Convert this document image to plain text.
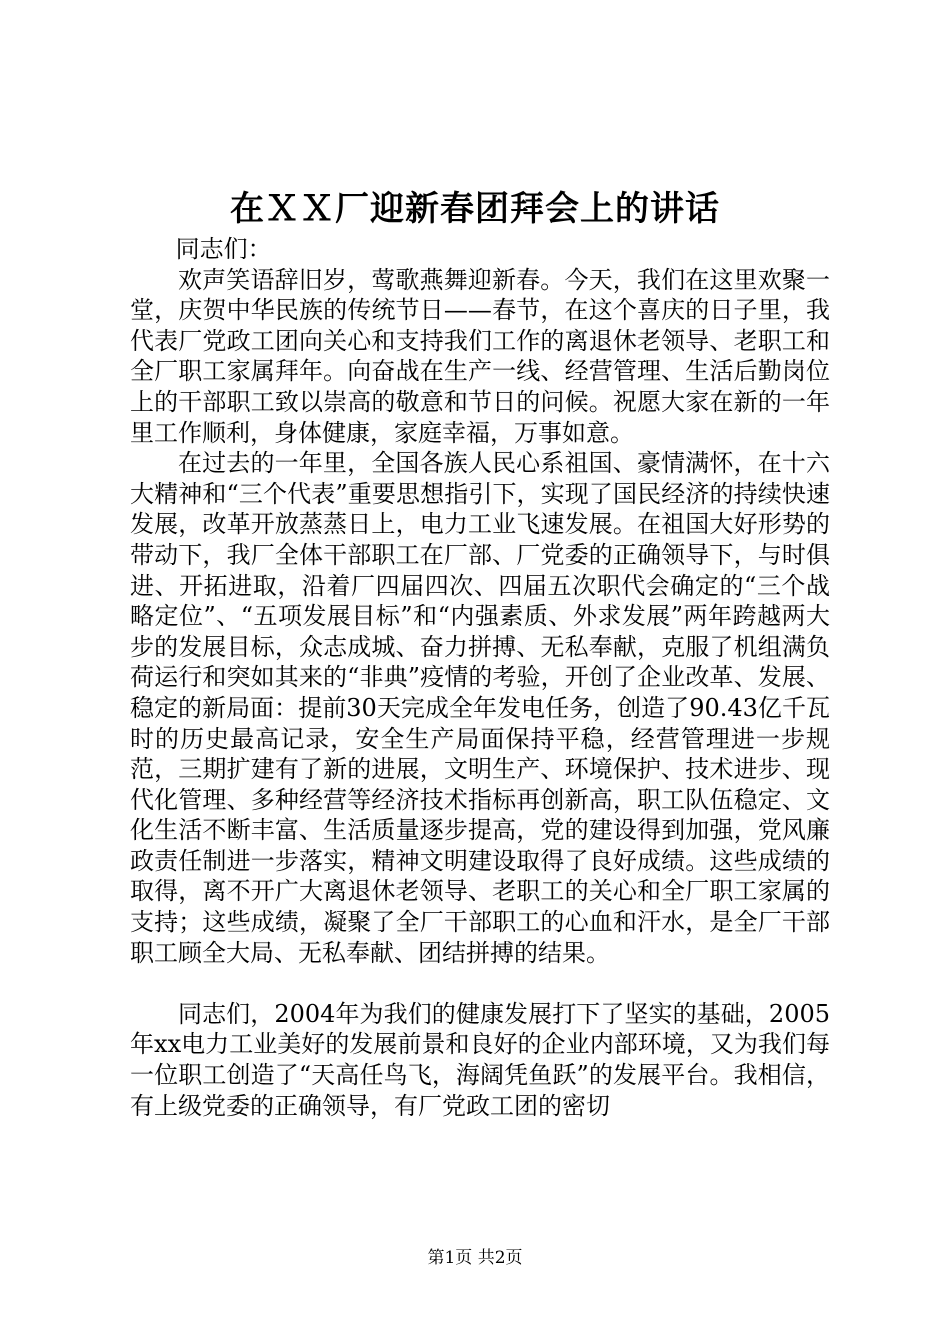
在ＸＸ厂迎新春团拜会上的讲话

同志们：

欢声笑语辞旧岁，莺歌燕舞迎新春。今天，我们在这里欢聚一堂，庆贺中华民族的传统节日——春节，在这个喜庆的日子里，我代表厂党政工团向关心和支持我们工作的离退休老领导、老职工和全厂职工家属拜年。向奋战在生产一线、经营管理、生活后勤岗位上的干部职工致以崇高的敬意和节日的问候。祝愿大家在新的一年里工作顺利，身体健康，家庭幸福，万事如意。

在过去的一年里，全国各族人民心系祖国、豪情满怀，在十六大精神和“三个代表”重要思想指引下，实现了国民经济的持续快速发展，改革开放蒸蒸日上，电力工业飞速发展。在祖国大好形势的带动下，我厂全体干部职工在厂部、厂党委的正确领导下，与时俱进、开拓进取，沿着厂四届四次、四届五次职代会确定的“三个战略定位”、“五项发展目标”和“内强素质、外求发展”两年跨越两大步的发展目标，众志成城、奋力拼搏、无私奉献，克服了机组满负荷运行和突如其来的“非典”疫情的考验，开创了企业改革、发展、稳定的新局面：提前30天完成全年发电任务，创造了90.43亿千瓦时的历史最高记录，安全生产局面保持平稳，经营管理进一步规范，三期扩建有了新的进展，文明生产、环境保护、技术进步、现代化管理、多种经营等经济技术指标再创新高，职工队伍稳定、文化生活不断丰富、生活质量逐步提高，党的建设得到加强，党风廉政责任制进一步落实，精神文明建设取得了良好成绩。这些成绩的取得，离不开广大离退休老领导、老职工的关心和全厂职工家属的支持；这些成绩，凝聚了全厂干部职工的心血和汗水，是全厂干部职工顾全大局、无私奉献、团结拼搏的结果。

同志们，2004年为我们的健康发展打下了坚实的基础，2005年xx电力工业美好的发展前景和良好的企业内部环境，又为我们每一位职工创造了“天高任鸟飞，海阔凭鱼跃”的发展平台。我相信，有上级党委的正确领导，有厂党政工团的密切

第1页 共2页
